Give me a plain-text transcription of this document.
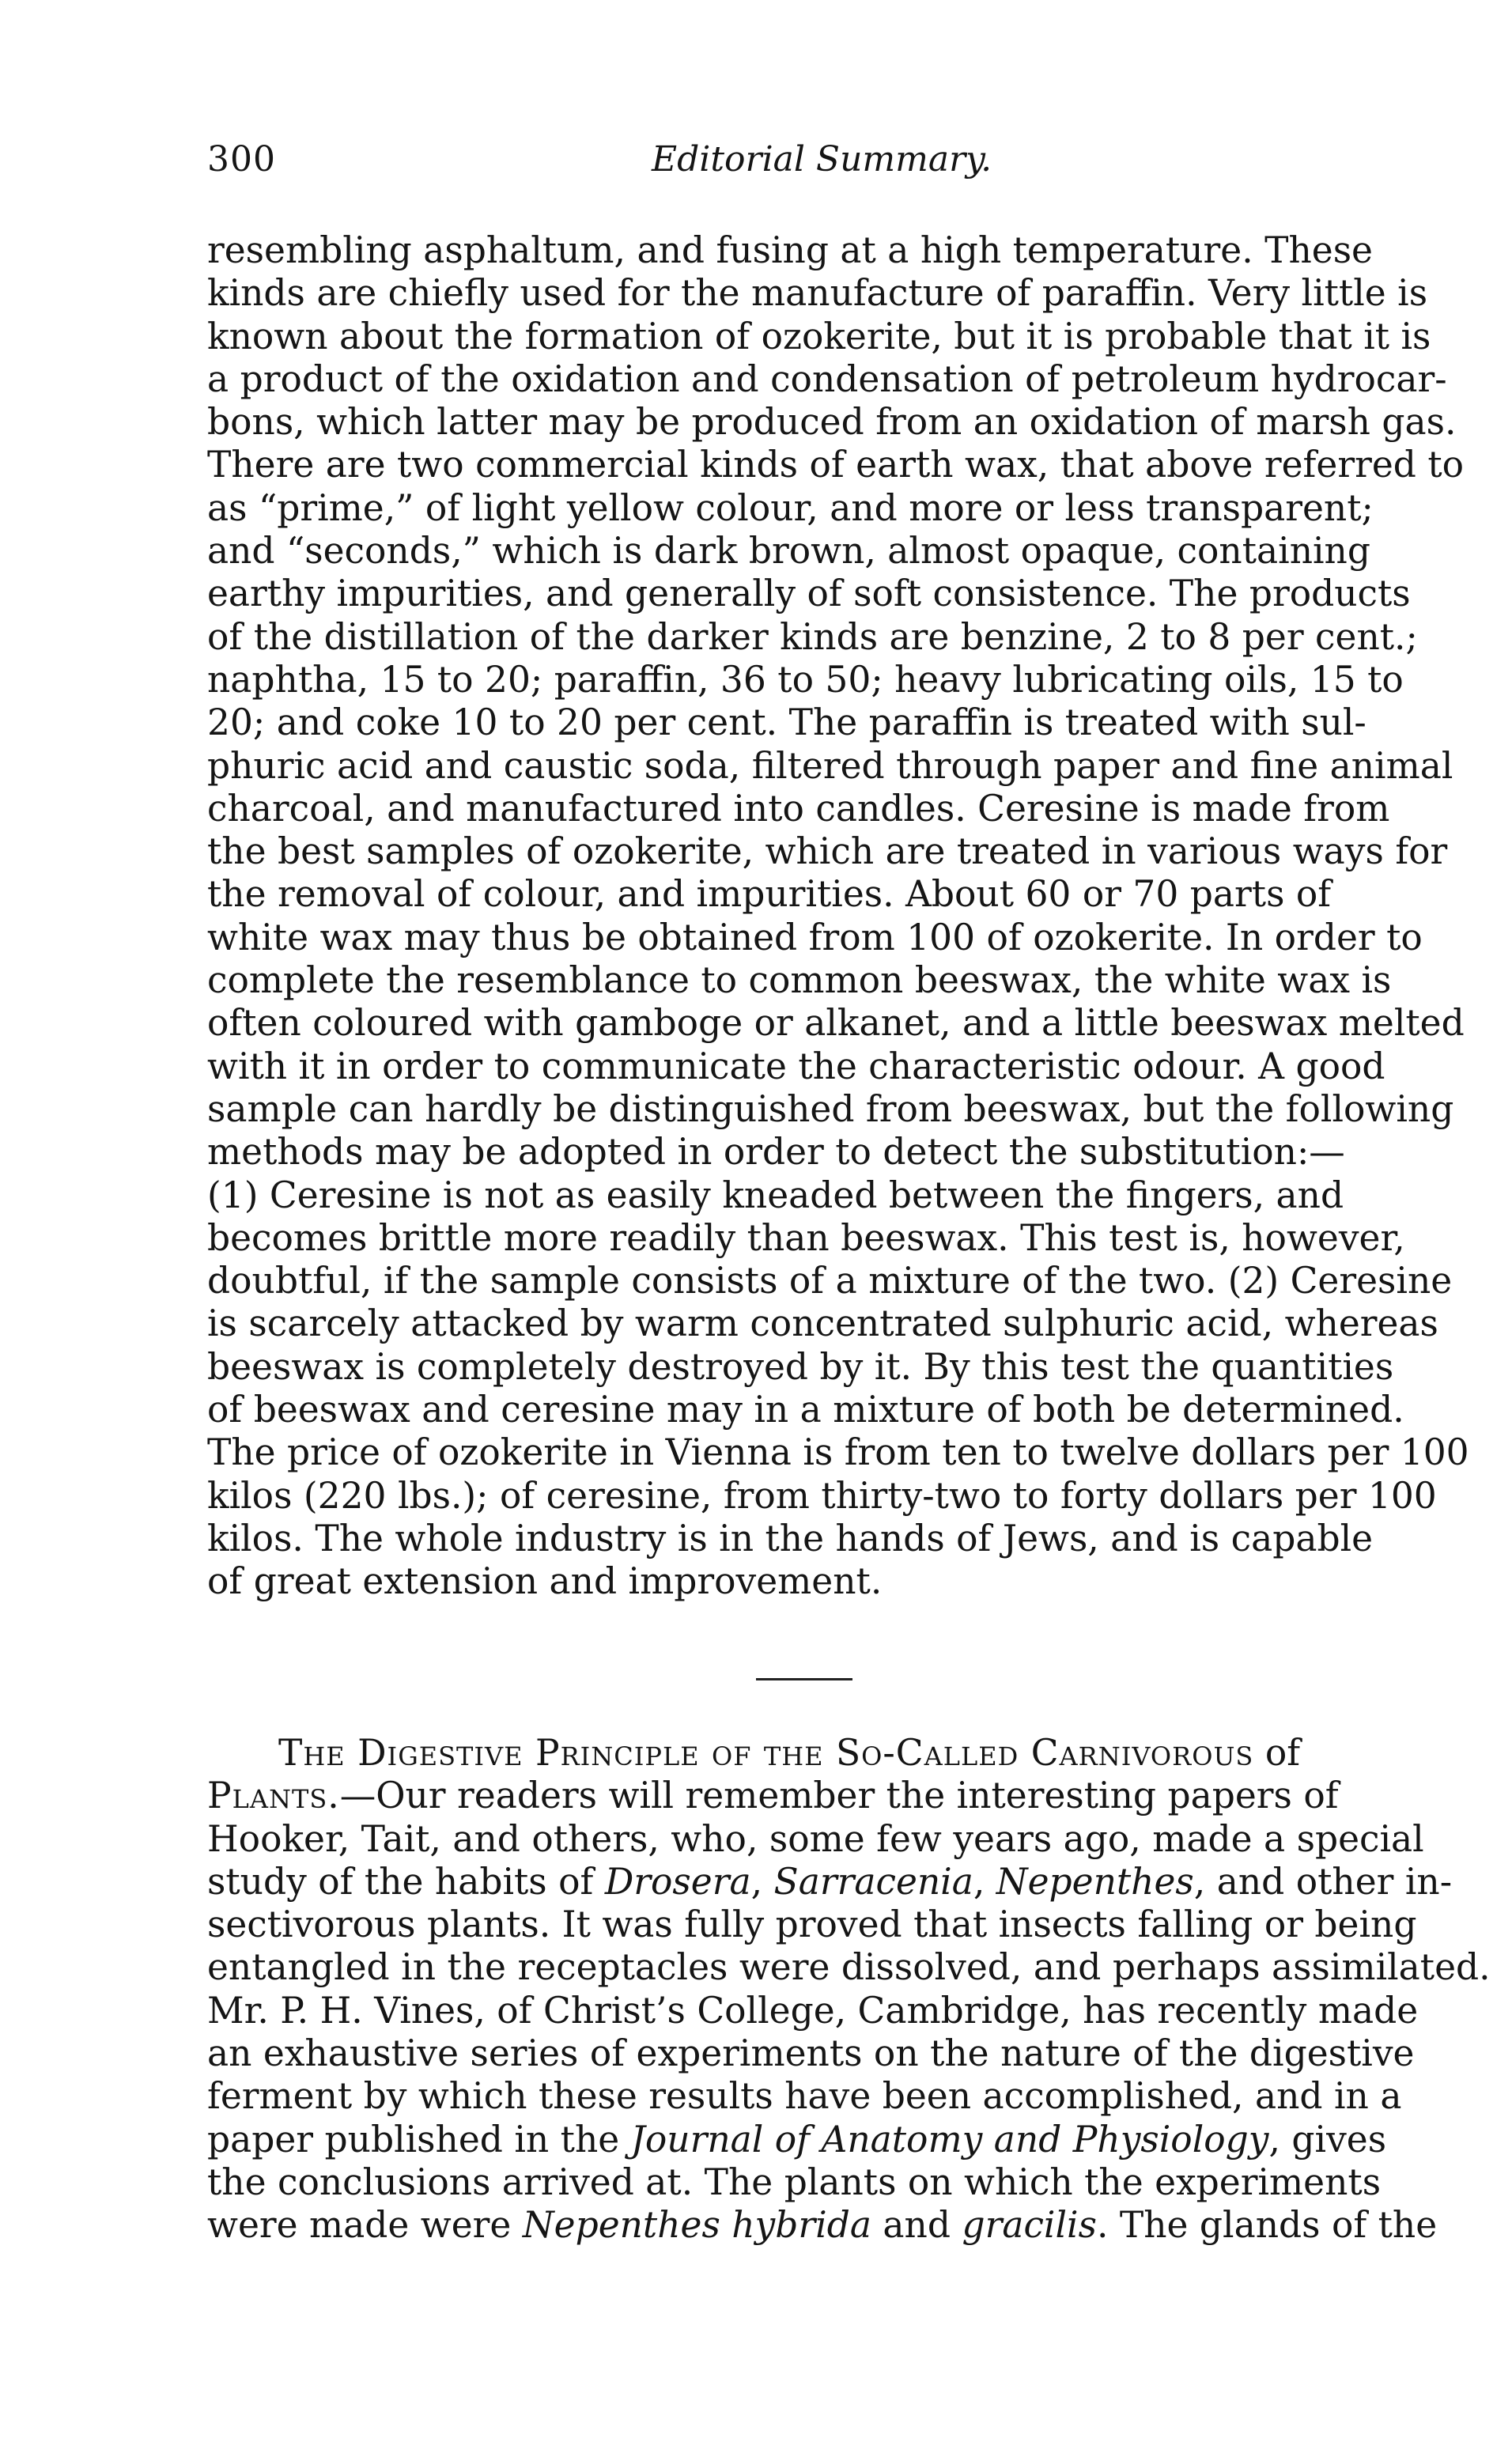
300	Editorial Summary.
resembling asphaltum, and fusing at a high temperature. These
kinds are chiefly used for the manufacture of paraffin. Very little is
known about the formation of ozokerite, but it is probable that it is
a product of the oxidation and condensation of petroleum hydrocar-
bons, which latter may be produced from an oxidation of marsh gas.
There are two commercial kinds of earth wax, that above referred to
as “prime,” of light yellow colour, and more or less transparent;
and “seconds,” which is dark brown, almost opaque, containing
earthy impurities, and generally of soft consistence. The products
of the distillation of the darker kinds are benzine, 2 to 8 per cent.;
naphtha, 15 to 20; paraffin, 36 to 50; heavy lubricating oils, 15 to
20; and coke 10 to 20 per cent. The paraffin is treated with sul-
phuric acid and caustic soda, filtered through paper and fine animal
charcoal, and manufactured into candles. Ceresine is made from
the best samples of ozokerite, which are treated in various ways for
the removal of colour, and impurities. About 60 or 70 parts of
white wax may thus be obtained from 100 of ozokerite. In order to
complete the resemblance to common beeswax, the white wax is
often coloured with gamboge or alkanet, and a little beeswax melted
with it in order to communicate the characteristic odour. A good
sample can hardly be distinguished from beeswax, but the following
methods may be adopted in order to detect the substitution:—
(1) Ceresine is not as easily kneaded between the fingers, and
becomes brittle more readily than beeswax. This test is, however,
doubtful, if the sample consists of a mixture of the two. (2) Ceresine
is scarcely attacked by warm concentrated sulphuric acid, whereas
beeswax is completely destroyed by it. By this test the quantities
of beeswax and ceresine may in a mixture of both be determined.
The price of ozokerite in Vienna is from ten to twelve dollars per 100
kilos (220 lbs.); of ceresine, from thirty-two to forty dollars per 100
kilos. The whole industry is in the hands of Jews, and is capable
of great extension and improvement.
The Digestive Principle of the So-Called Carnivorous of
Plants.—Our readers will remember the interesting papers of
Hooker, Tait, and others, who, some few years ago, made a special
study of the habits of Drosera, Sarracenia, Nepenthes, and other in-
sectivorous plants. It was fully proved that insects falling or being
entangled in the receptacles were dissolved, and perhaps assimilated.
Mr. P. H. Vines, of Christ’s College, Cambridge, has recently made
an exhaustive series of experiments on the nature of the digestive
ferment by which these results have been accomplished, and in a
paper published in the Journal of Anatomy and Physiology, gives
the conclusions arrived at. The plants on which the experiments
were made were Nepenthes hybrida and gracilis. The glands of the
